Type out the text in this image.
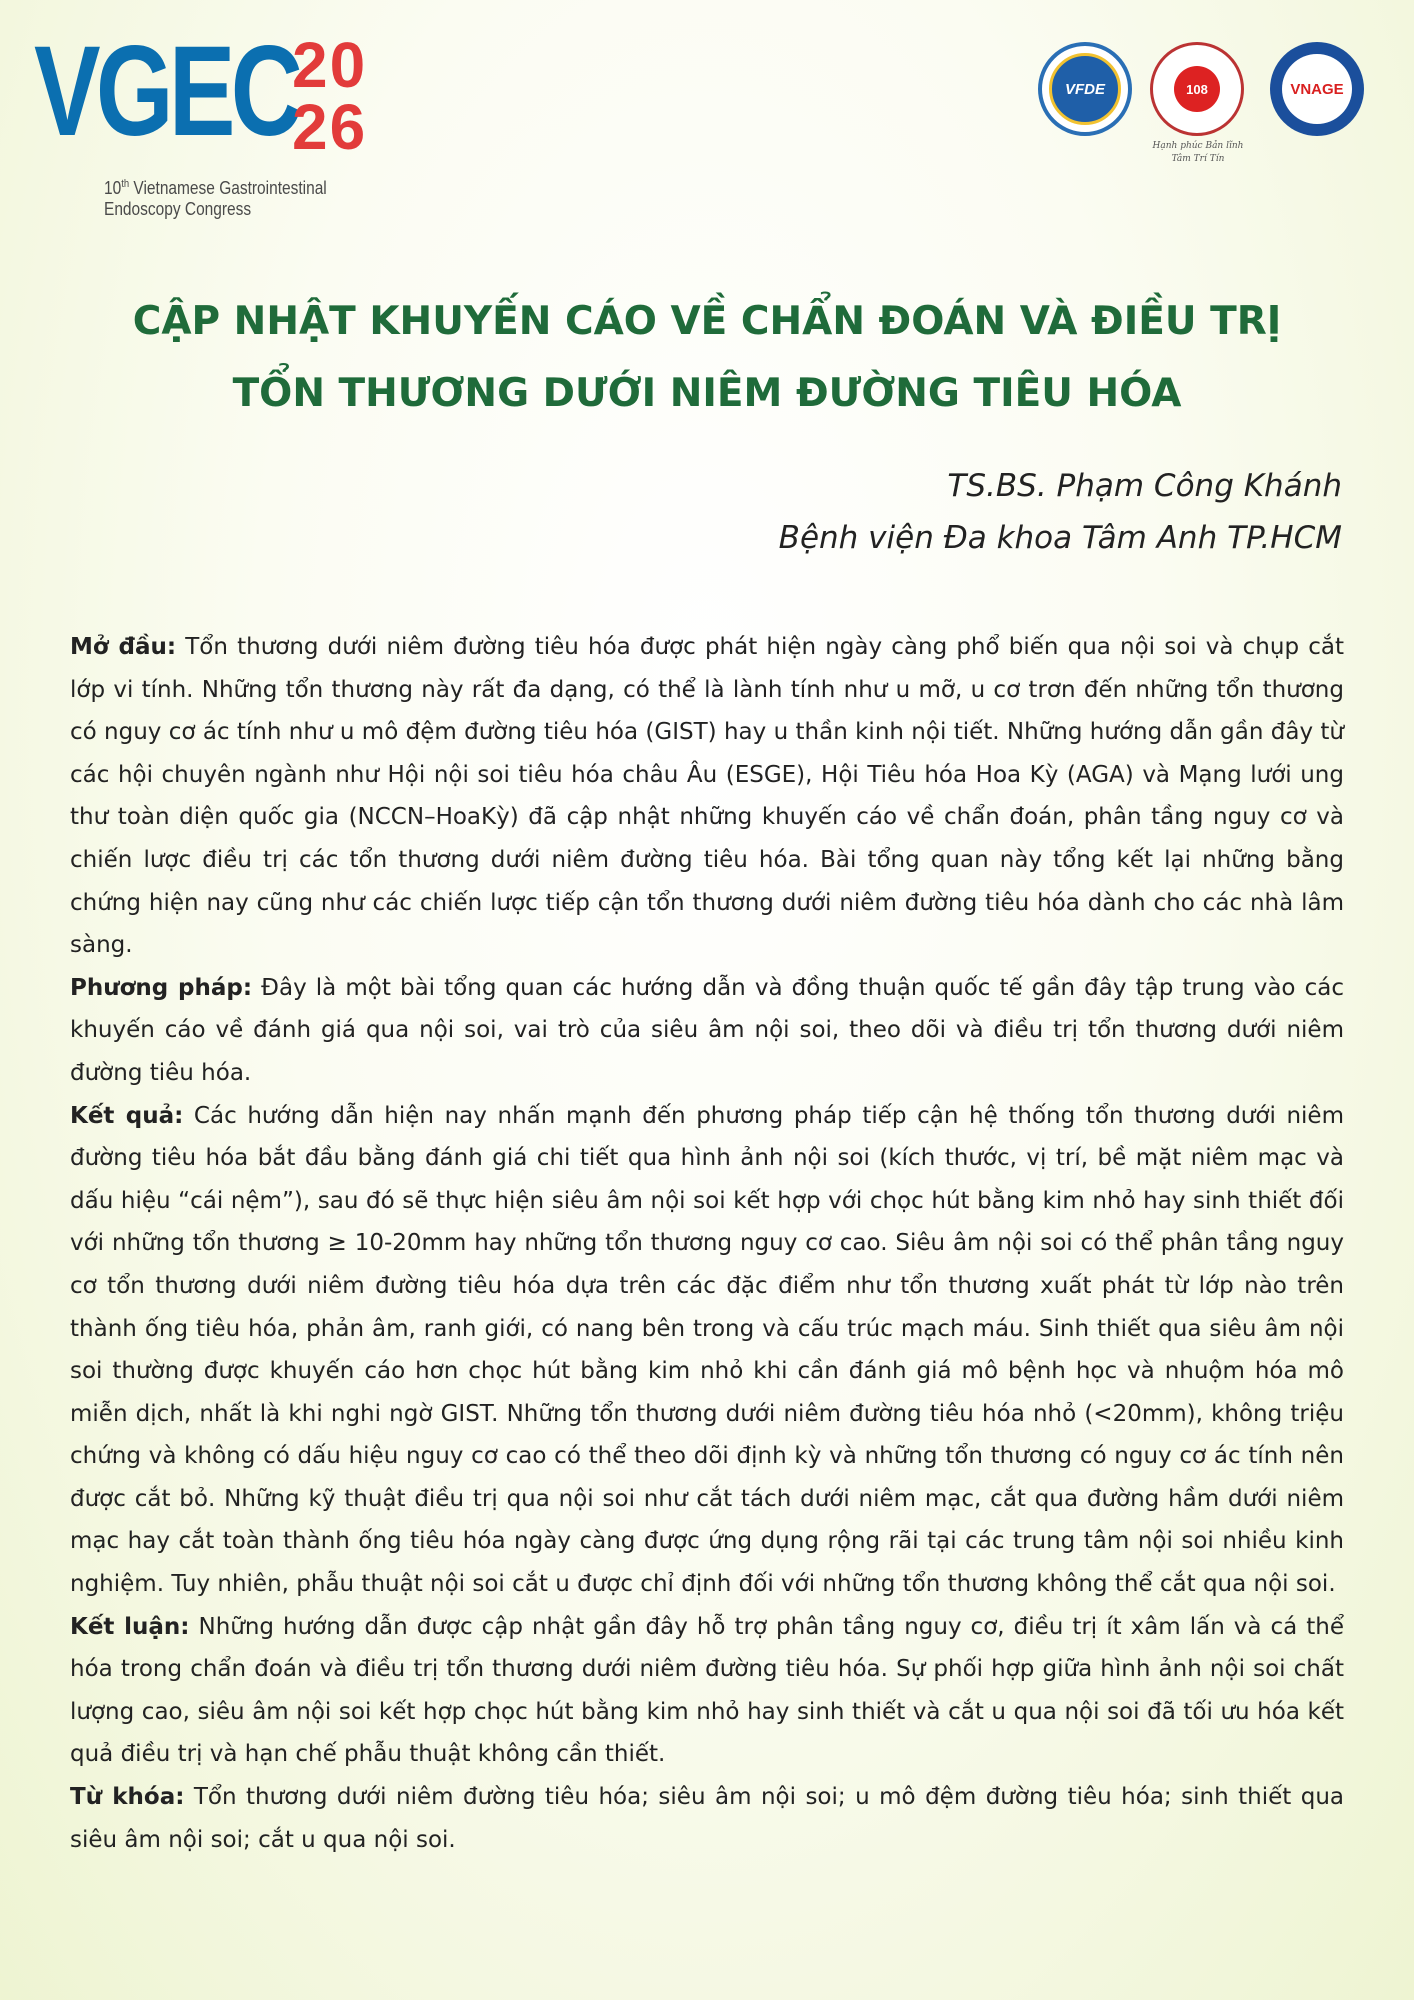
VGEC
20
26
10th Vietnamese Gastrointestinal
Endoscopy Congress
VFDE	108
Hạnh phúc Bản lĩnh
Tâm Trí Tín
VNAGE
CẬP NHẬT KHUYẾN CÁO VỀ CHẨN ĐOÁN VÀ ĐIỀU TRỊ
TỔN THƯƠNG DƯỚI NIÊM ĐƯỜNG TIÊU HÓA
TS.BS. Phạm Công Khánh
Bệnh viện Đa khoa Tâm Anh TP.HCM

Mở đầu: Tổn thương dưới niêm đường tiêu hóa được phát hiện ngày càng phổ biến qua nội soi và chụp cắt lớp vi tính. Những tổn thương này rất đa dạng, có thể là lành tính như u mỡ, u cơ trơn đến những tổn thương có nguy cơ ác tính như u mô đệm đường tiêu hóa (GIST) hay u thần kinh nội tiết. Những hướng dẫn gần đây từ các hội chuyên ngành như Hội nội soi tiêu hóa châu Âu (ESGE), Hội Tiêu hóa Hoa Kỳ (AGA) và Mạng lưới ung thư toàn diện quốc gia (NCCN–HoaKỳ) đã cập nhật những khuyến cáo về chẩn đoán, phân tầng nguy cơ và chiến lược điều trị các tổn thương dưới niêm đường tiêu hóa. Bài tổng quan này tổng kết lại những bằng chứng hiện nay cũng như các chiến lược tiếp cận tổn thương dưới niêm đường tiêu hóa dành cho các nhà lâm sàng.

Phương pháp: Đây là một bài tổng quan các hướng dẫn và đồng thuận quốc tế gần đây tập trung vào các khuyến cáo về đánh giá qua nội soi, vai trò của siêu âm nội soi, theo dõi và điều trị tổn thương dưới niêm đường tiêu hóa.

Kết quả: Các hướng dẫn hiện nay nhấn mạnh đến phương pháp tiếp cận hệ thống tổn thương dưới niêm đường tiêu hóa bắt đầu bằng đánh giá chi tiết qua hình ảnh nội soi (kích thước, vị trí, bề mặt niêm mạc và dấu hiệu “cái nệm”), sau đó sẽ thực hiện siêu âm nội soi kết hợp với chọc hút bằng kim nhỏ hay sinh thiết đối với những tổn thương ≥ 10-20mm hay những tổn thương nguy cơ cao. Siêu âm nội soi có thể phân tầng nguy cơ tổn thương dưới niêm đường tiêu hóa dựa trên các đặc điểm như tổn thương xuất phát từ lớp nào trên thành ống tiêu hóa, phản âm, ranh giới, có nang bên trong và cấu trúc mạch máu. Sinh thiết qua siêu âm nội soi thường được khuyến cáo hơn chọc hút bằng kim nhỏ khi cần đánh giá mô bệnh học và nhuộm hóa mô miễn dịch, nhất là khi nghi ngờ GIST. Những tổn thương dưới niêm đường tiêu hóa nhỏ (<20mm), không triệu chứng và không có dấu hiệu nguy cơ cao có thể theo dõi định kỳ và những tổn thương có nguy cơ ác tính nên được cắt bỏ. Những kỹ thuật điều trị qua nội soi như cắt tách dưới niêm mạc, cắt qua đường hầm dưới niêm mạc hay cắt toàn thành ống tiêu hóa ngày càng được ứng dụng rộng rãi tại các trung tâm nội soi nhiều kinh nghiệm. Tuy nhiên, phẫu thuật nội soi cắt u được chỉ định đối với những tổn thương không thể cắt qua nội soi.

Kết luận: Những hướng dẫn được cập nhật gần đây hỗ trợ phân tầng nguy cơ, điều trị ít xâm lấn và cá thể hóa trong chẩn đoán và điều trị tổn thương dưới niêm đường tiêu hóa. Sự phối hợp giữa hình ảnh nội soi chất lượng cao, siêu âm nội soi kết hợp chọc hút bằng kim nhỏ hay sinh thiết và cắt u qua nội soi đã tối ưu hóa kết quả điều trị và hạn chế phẫu thuật không cần thiết.

Từ khóa: Tổn thương dưới niêm đường tiêu hóa; siêu âm nội soi; u mô đệm đường tiêu hóa; sinh thiết qua siêu âm nội soi; cắt u qua nội soi.
